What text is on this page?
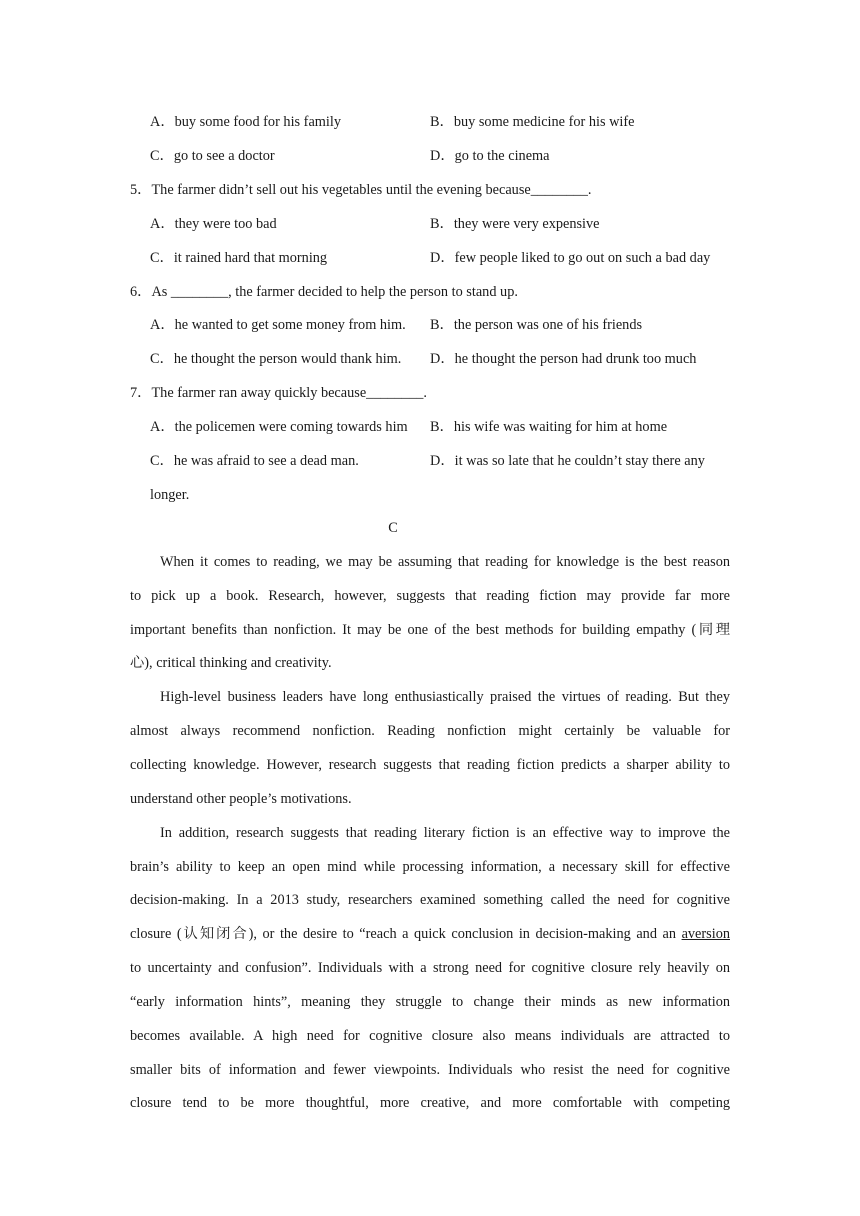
A．buy some food for his family	B．buy some medicine for his wife
C．go to see a doctor	D．go to the cinema
5．The farmer didn’t sell out his vegetables until the evening because________.
A．they were too bad	B．they were very expensive
C．it rained hard that morning	D．few people liked to go out on such a bad day
6．As ________, the farmer decided to help the person to stand up.
A．he wanted to get some money from him. B．the person was one of his friends
C．he thought the person would thank him. D．he thought the person had drunk too much
7．The farmer ran away quickly because________.
A．the policemen were coming towards him B．his wife was waiting for him at home
C．he was afraid to see a dead man.	D．it was so late that he couldn’t stay there any
longer.
C
When it comes to reading, we may be assuming that reading for knowledge is the best reason
to pick up a book. Research, however, suggests that reading fiction may provide far more
important benefits than nonfiction. It may be one of the best methods for building empathy (同理
心), critical thinking and creativity.
High-level business leaders have long enthusiastically praised the virtues of reading. But they
almost always recommend nonfiction. Reading nonfiction might certainly be valuable for
collecting knowledge. However, research suggests that reading fiction predicts a sharper ability to
understand other people’s motivations.
In addition, research suggests that reading literary fiction is an effective way to improve the
brain’s ability to keep an open mind while processing information, a necessary skill for effective
decision-making. In a 2013 study, researchers examined something called the need for cognitive
closure (认知闭合), or the desire to “reach a quick conclusion in decision-making and an aversion
to uncertainty and confusion”. Individuals with a strong need for cognitive closure rely heavily on
“early information hints”, meaning they struggle to change their minds as new information
becomes available. A high need for cognitive closure also means individuals are attracted to
smaller bits of information and fewer viewpoints. Individuals who resist the need for cognitive
closure tend to be more thoughtful, more creative, and more comfortable with competing
